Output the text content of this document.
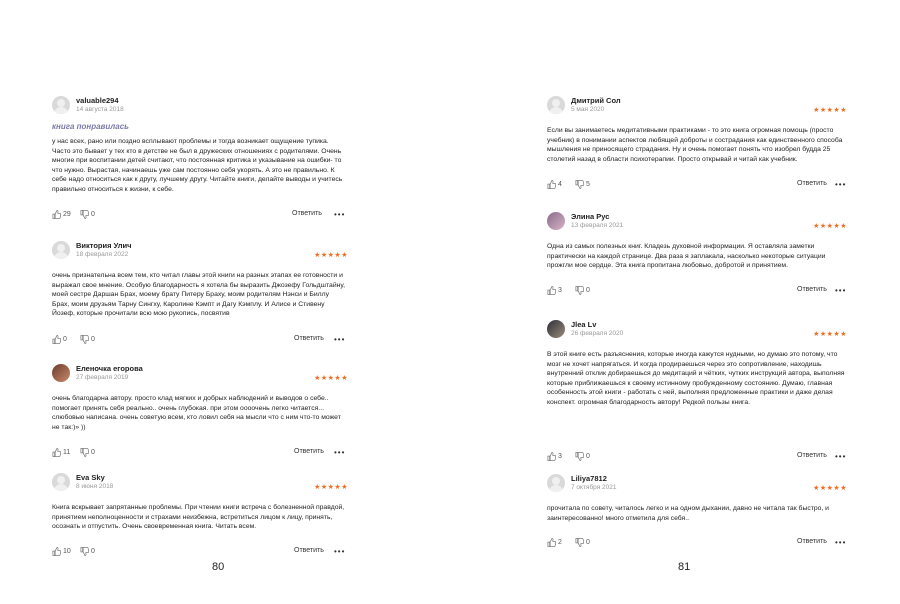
valuable294
14 августа 2018
книга понравилась
у нас всех, рано или поздно всплывают проблемы и тогда возникает ощущение тупика. Часто это бывает у тех кто в детстве не был в дружеских отношениях с родителями. Очень многие при воспитании детей считают, что постоянная критика и указывание на ошибки- то что нужно. Вырастая, начинаешь уже сам постоянно себя укорять. А это не правильно. К себе надо относиться как к другу, лучшему другу. Читайте книги, делайте выводы и учитесь правильно относиться к жизни, к себе.
29	0	Ответить •••
Виктория Улич
18 февраля 2022	★★★★★
очень признательна всем тем, кто читал главы этой книги на разных этапах ее готовности и выражал свое мнение. Особую благодарность я хотела бы выразить Джозефу Гольдштайну, моей сестре Даршан Брах, моему брату Питеру Браху, моим родителям Нэнси и Биллу Брах, моим друзьям Тарну Сингху, Каролине Кэмпт и Дагу Кэмплу. И Алисе и Стивену Йозеф, которые прочитали всю мою рукопись, посвятив
0	0	Ответить •••
Еленочка егорова
27 февраля 2019	★★★★★
очень благодарна автору. просто клад мягких и добрых наблюдений и выводов о себе.. помогает принять себя реально.. очень глубокая. при этом оооочень легко читается... слюбовью написана. очень советую всем, кто ловил себя на мысли что с ним что-то может не так:)» ))
11	0	Ответить •••
Eva Sky
8 июня 2018	★★★★★
Книга вскрывает запрятанные проблемы. При чтении книги встреча с болезненной правдой, принятием неполноценности и страхами неизбежна, встретиться лицом к лицу, принять, осознать и отпустить. Очень своевременная книга. Читать всем.
10	0	Ответить •••
80
Дмитрий Сол
5 мая 2020	★★★★★
Если вы занимаетесь медитативными практиками - то это книга огромная помощь (просто учебник) в понимании аспектов любящей доброты и сострадания как единственного способа мышления не приносящего страдания. Ну и очень помогает понять что изобрел будда 25 столетий назад в области психотерапии. Просто открывай и читай как учебник.
4	5	Ответить •••
Элина Рус
13 февраля 2021	★★★★★
Одна из самых полезных книг. Кладезь духовной информации. Я оставляла заметки практически на каждой странице. Два раза я заплакала, насколько некоторые ситуации прожгли мое сердце. Эта книга пропитана любовью, добротой и принятием.
3	0	Ответить •••
Jlea Lv
26 февраля 2020	★★★★★
В этой книге есть разъяснения, которые иногда кажутся нудными, но думаю это потому, что мозг не хочет напрягаться. И когда продираешься через это сопротивление, находишь внутренний отклик добираешься до медитаций и чётких, чутких инструкций автора, выполняя которые приближаешься к своему истинному пробужденному состоянию. Думаю, главная особенность этой книги - работать с ней, выполняя предложенные практики и даже делая конспект. огромная благодарность автору! Редкой пользы книга.
3	0	Ответить •••
Liliya7812
7 октября 2021	★★★★★
прочитала по совету, читалось легко и на одном дыхании, давно не читала так быстро, и заинтересованно! много отметила для себя..
2	0	Ответить •••
81
